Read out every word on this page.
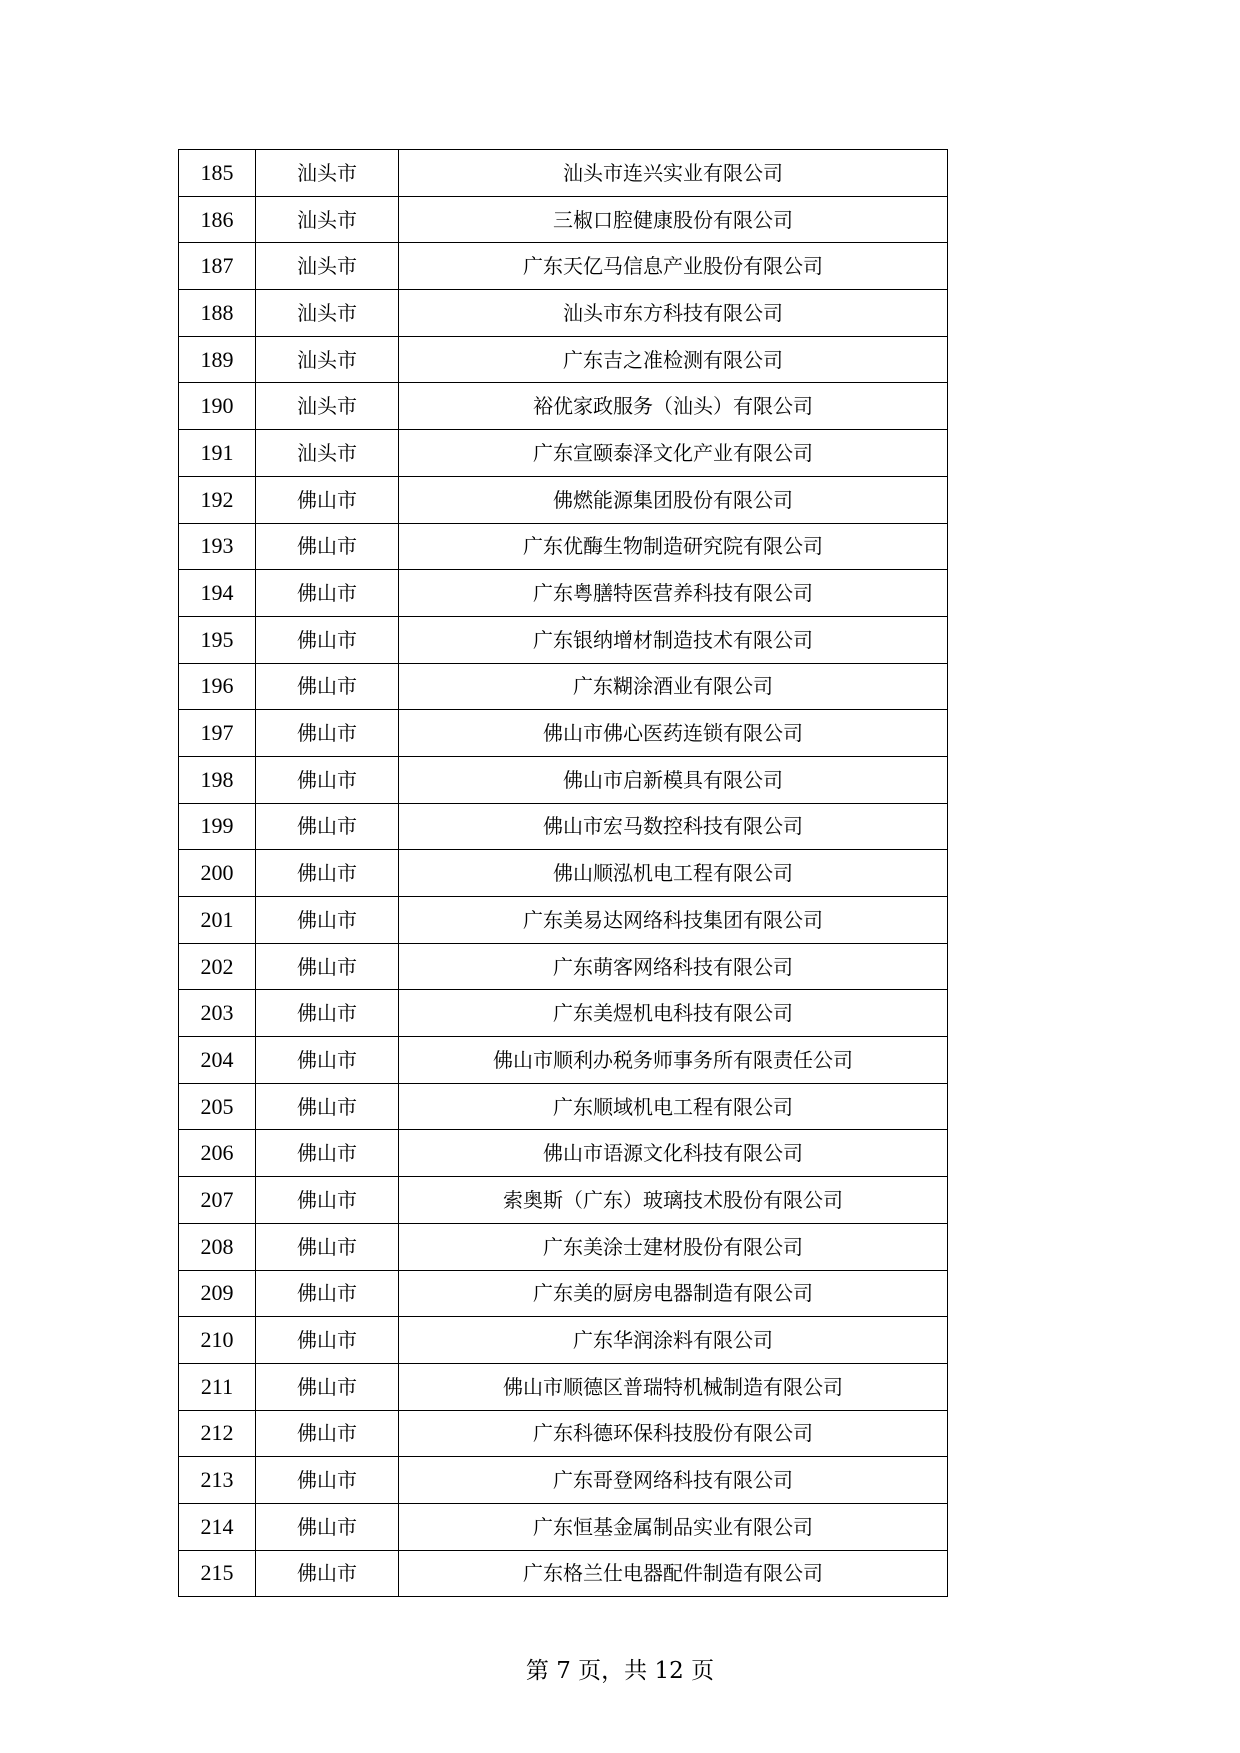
185	汕头市	汕头市连兴实业有限公司
186	汕头市	三椒口腔健康股份有限公司
187	汕头市	广东天亿马信息产业股份有限公司
188	汕头市	汕头市东方科技有限公司
189	汕头市	广东吉之准检测有限公司
190	汕头市	裕优家政服务（汕头）有限公司
191	汕头市	广东宣颐泰泽文化产业有限公司
192	佛山市	佛燃能源集团股份有限公司
193	佛山市	广东优酶生物制造研究院有限公司
194	佛山市	广东粤膳特医营养科技有限公司
195	佛山市	广东银纳增材制造技术有限公司
196	佛山市	广东糊涂酒业有限公司
197	佛山市	佛山市佛心医药连锁有限公司
198	佛山市	佛山市启新模具有限公司
199	佛山市	佛山市宏马数控科技有限公司
200	佛山市	佛山顺泓机电工程有限公司
201	佛山市	广东美易达网络科技集团有限公司
202	佛山市	广东萌客网络科技有限公司
203	佛山市	广东美煜机电科技有限公司
204	佛山市	佛山市顺利办税务师事务所有限责任公司
205	佛山市	广东顺域机电工程有限公司
206	佛山市	佛山市语源文化科技有限公司
207	佛山市	索奥斯（广东）玻璃技术股份有限公司
208	佛山市	广东美涂士建材股份有限公司
209	佛山市	广东美的厨房电器制造有限公司
210	佛山市	广东华润涂料有限公司
211	佛山市	佛山市顺德区普瑞特机械制造有限公司
212	佛山市	广东科德环保科技股份有限公司
213	佛山市	广东哥登网络科技有限公司
214	佛山市	广东恒基金属制品实业有限公司
215	佛山市	广东格兰仕电器配件制造有限公司
第 7 页，共 12 页
